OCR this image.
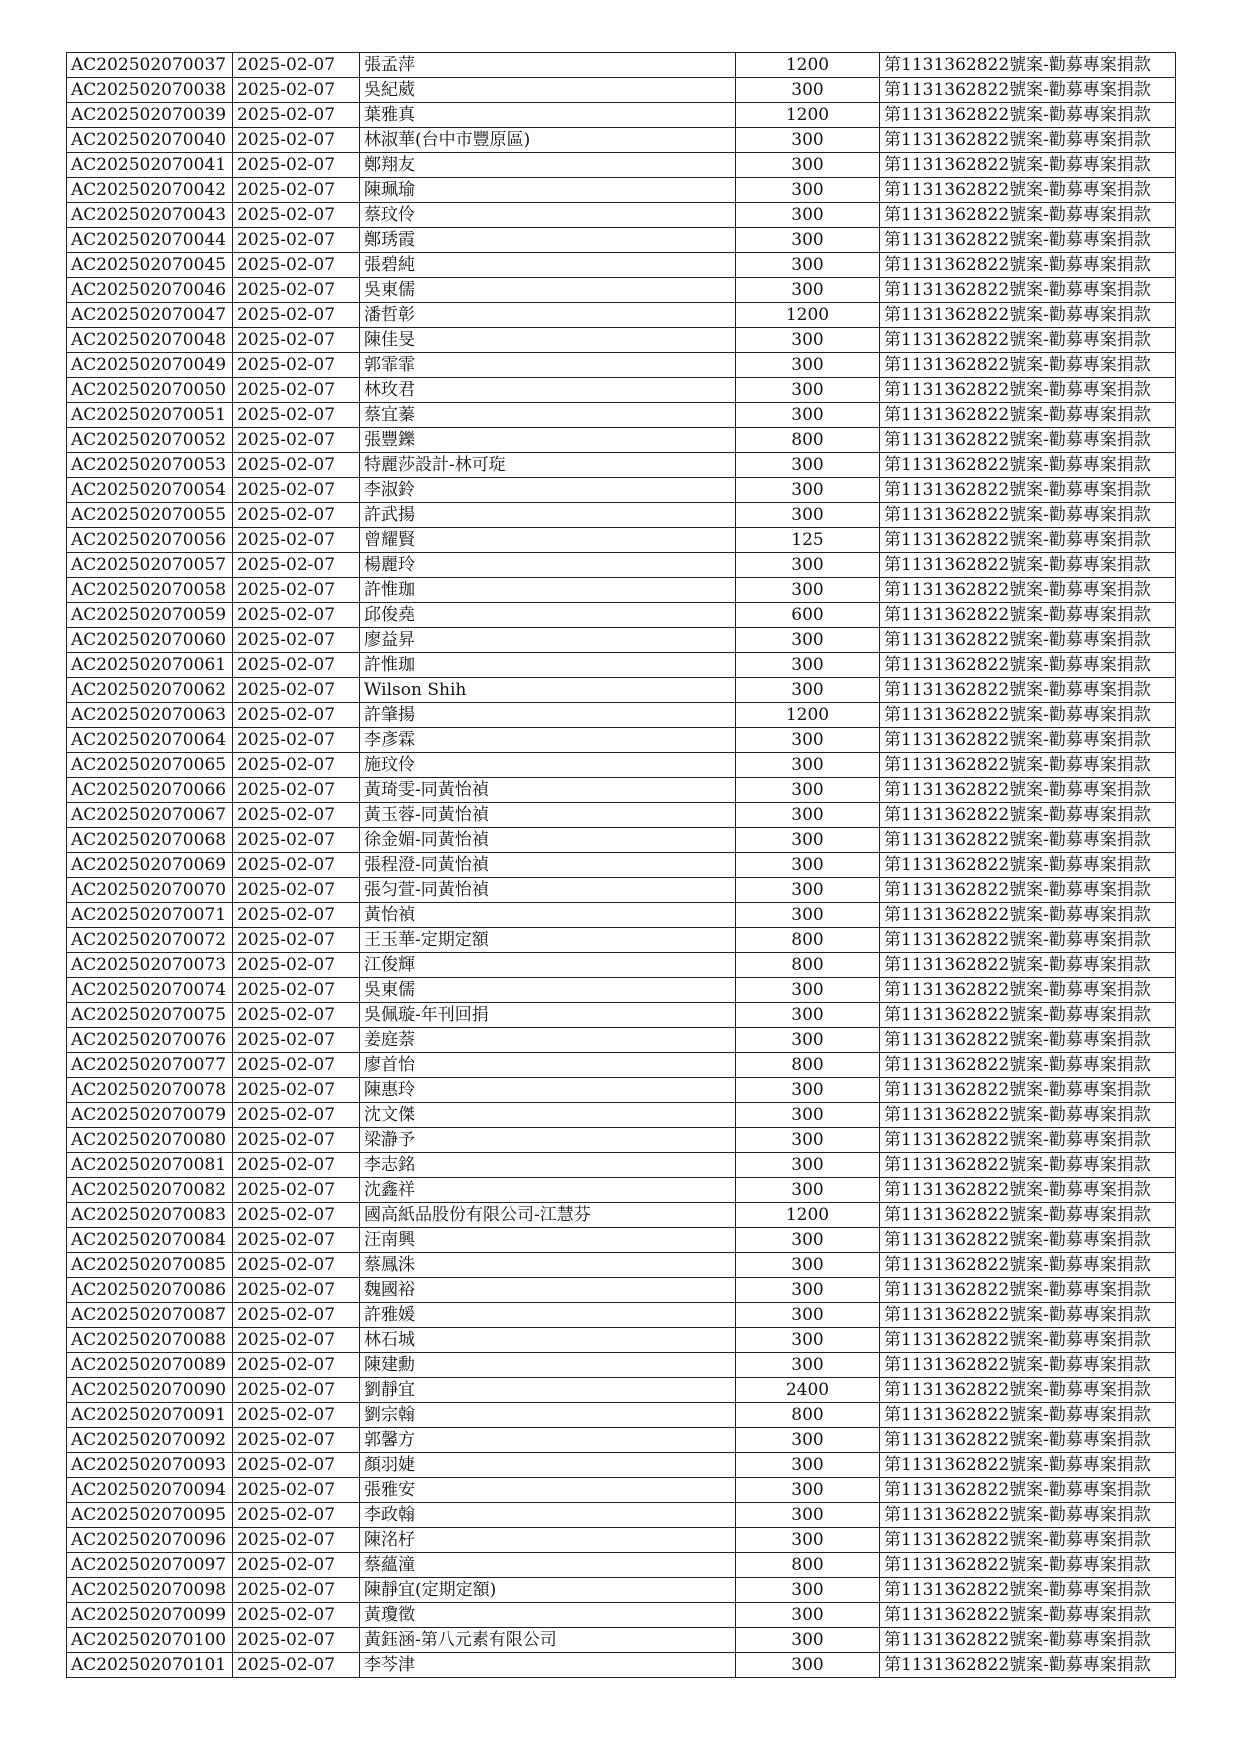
AC202502070037	2025-02-07	張孟萍	1200	第1131362822號案-勸募專案捐款
AC202502070038	2025-02-07	吳紀葳	300	第1131362822號案-勸募專案捐款
AC202502070039	2025-02-07	葉雅真	1200	第1131362822號案-勸募專案捐款
AC202502070040	2025-02-07	林淑華(台中市豐原區)	300	第1131362822號案-勸募專案捐款
AC202502070041	2025-02-07	鄭翔友	300	第1131362822號案-勸募專案捐款
AC202502070042	2025-02-07	陳珮瑜	300	第1131362822號案-勸募專案捐款
AC202502070043	2025-02-07	蔡玟伶	300	第1131362822號案-勸募專案捐款
AC202502070044	2025-02-07	鄭琇霞	300	第1131362822號案-勸募專案捐款
AC202502070045	2025-02-07	張碧純	300	第1131362822號案-勸募專案捐款
AC202502070046	2025-02-07	吳東儒	300	第1131362822號案-勸募專案捐款
AC202502070047	2025-02-07	潘哲彰	1200	第1131362822號案-勸募專案捐款
AC202502070048	2025-02-07	陳佳旻	300	第1131362822號案-勸募專案捐款
AC202502070049	2025-02-07	郭霏霏	300	第1131362822號案-勸募專案捐款
AC202502070050	2025-02-07	林玫君	300	第1131362822號案-勸募專案捐款
AC202502070051	2025-02-07	蔡宜蓁	300	第1131362822號案-勸募專案捐款
AC202502070052	2025-02-07	張豐鑠	800	第1131362822號案-勸募專案捐款
AC202502070053	2025-02-07	特麗莎設計-林可琁	300	第1131362822號案-勸募專案捐款
AC202502070054	2025-02-07	李淑鈴	300	第1131362822號案-勸募專案捐款
AC202502070055	2025-02-07	許武揚	300	第1131362822號案-勸募專案捐款
AC202502070056	2025-02-07	曾耀賢	125	第1131362822號案-勸募專案捐款
AC202502070057	2025-02-07	楊麗玲	300	第1131362822號案-勸募專案捐款
AC202502070058	2025-02-07	許惟珈	300	第1131362822號案-勸募專案捐款
AC202502070059	2025-02-07	邱俊堯	600	第1131362822號案-勸募專案捐款
AC202502070060	2025-02-07	廖益昇	300	第1131362822號案-勸募專案捐款
AC202502070061	2025-02-07	許惟珈	300	第1131362822號案-勸募專案捐款
AC202502070062	2025-02-07	Wilson Shih	300	第1131362822號案-勸募專案捐款
AC202502070063	2025-02-07	許肇揚	1200	第1131362822號案-勸募專案捐款
AC202502070064	2025-02-07	李彥霖	300	第1131362822號案-勸募專案捐款
AC202502070065	2025-02-07	施玟伶	300	第1131362822號案-勸募專案捐款
AC202502070066	2025-02-07	黃琦雯-同黃怡禎	300	第1131362822號案-勸募專案捐款
AC202502070067	2025-02-07	黃玉蓉-同黃怡禎	300	第1131362822號案-勸募專案捐款
AC202502070068	2025-02-07	徐金媚-同黃怡禎	300	第1131362822號案-勸募專案捐款
AC202502070069	2025-02-07	張程澄-同黃怡禎	300	第1131362822號案-勸募專案捐款
AC202502070070	2025-02-07	張匀萱-同黃怡禎	300	第1131362822號案-勸募專案捐款
AC202502070071	2025-02-07	黃怡禎	300	第1131362822號案-勸募專案捐款
AC202502070072	2025-02-07	王玉華-定期定額	800	第1131362822號案-勸募專案捐款
AC202502070073	2025-02-07	江俊輝	800	第1131362822號案-勸募專案捐款
AC202502070074	2025-02-07	吳東儒	300	第1131362822號案-勸募專案捐款
AC202502070075	2025-02-07	吳佩璇-年刊回捐	300	第1131362822號案-勸募專案捐款
AC202502070076	2025-02-07	姜庭萘	300	第1131362822號案-勸募專案捐款
AC202502070077	2025-02-07	廖首怡	800	第1131362822號案-勸募專案捐款
AC202502070078	2025-02-07	陳惠玲	300	第1131362822號案-勸募專案捐款
AC202502070079	2025-02-07	沈文傑	300	第1131362822號案-勸募專案捐款
AC202502070080	2025-02-07	梁瀞予	300	第1131362822號案-勸募專案捐款
AC202502070081	2025-02-07	李志銘	300	第1131362822號案-勸募專案捐款
AC202502070082	2025-02-07	沈鑫祥	300	第1131362822號案-勸募專案捐款
AC202502070083	2025-02-07	國高紙品股份有限公司-江慧芬	1200	第1131362822號案-勸募專案捐款
AC202502070084	2025-02-07	汪南興	300	第1131362822號案-勸募專案捐款
AC202502070085	2025-02-07	蔡鳳洙	300	第1131362822號案-勸募專案捐款
AC202502070086	2025-02-07	魏國裕	300	第1131362822號案-勸募專案捐款
AC202502070087	2025-02-07	許雅媛	300	第1131362822號案-勸募專案捐款
AC202502070088	2025-02-07	林石城	300	第1131362822號案-勸募專案捐款
AC202502070089	2025-02-07	陳建勳	300	第1131362822號案-勸募專案捐款
AC202502070090	2025-02-07	劉靜宜	2400	第1131362822號案-勸募專案捐款
AC202502070091	2025-02-07	劉宗翰	800	第1131362822號案-勸募專案捐款
AC202502070092	2025-02-07	郭馨方	300	第1131362822號案-勸募專案捐款
AC202502070093	2025-02-07	顏羽婕	300	第1131362822號案-勸募專案捐款
AC202502070094	2025-02-07	張雅安	300	第1131362822號案-勸募專案捐款
AC202502070095	2025-02-07	李政翰	300	第1131362822號案-勸募專案捐款
AC202502070096	2025-02-07	陳洺杍	300	第1131362822號案-勸募專案捐款
AC202502070097	2025-02-07	蔡蘊潼	800	第1131362822號案-勸募專案捐款
AC202502070098	2025-02-07	陳靜宜(定期定額)	300	第1131362822號案-勸募專案捐款
AC202502070099	2025-02-07	黃瓊徵	300	第1131362822號案-勸募專案捐款
AC202502070100	2025-02-07	黃鈺涵-第八元素有限公司	300	第1131362822號案-勸募專案捐款
AC202502070101	2025-02-07	李芩津	300	第1131362822號案-勸募專案捐款
